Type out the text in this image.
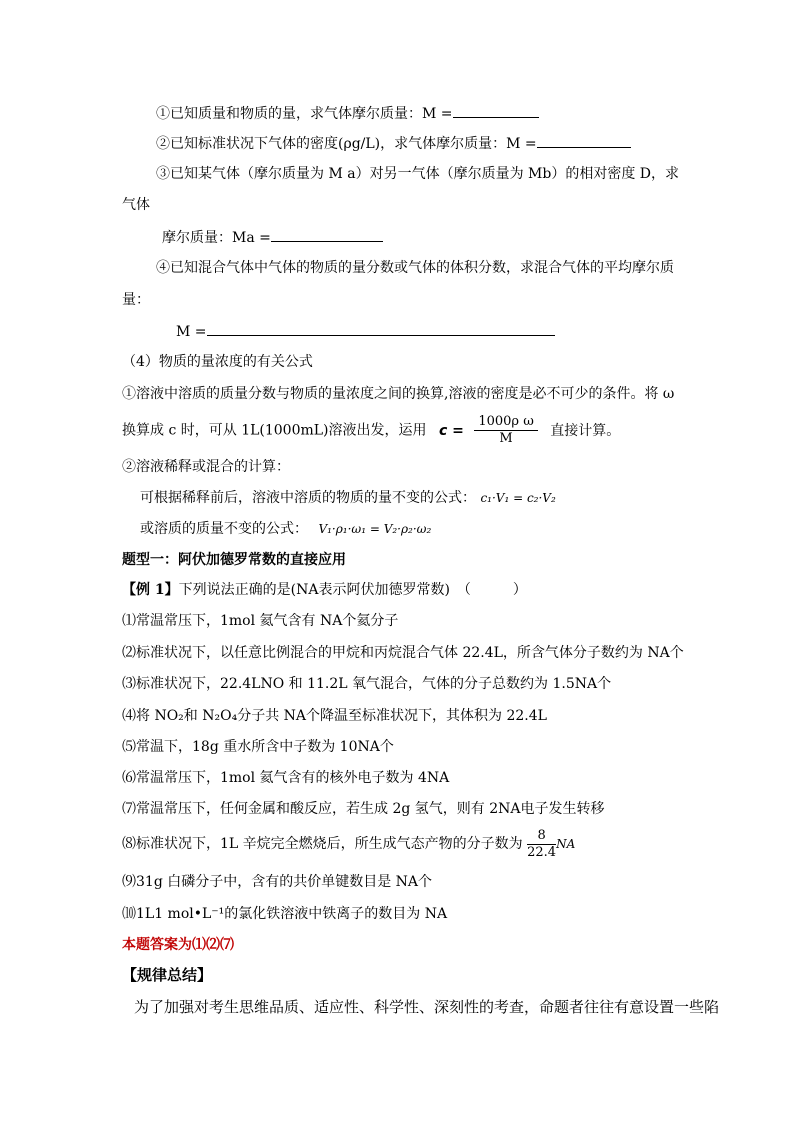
①已知质量和物质的量，求气体摩尔质量：M =
②已知标准状况下气体的密度(ρg/L)，求气体摩尔质量：M =
③已知某气体（摩尔质量为 M a）对另一气体（摩尔质量为 Mb）的相对密度 D，求
气体
摩尔质量：Ma =
④已知混合气体中气体的物质的量分数或气体的体积分数，求混合气体的平均摩尔质
量：
M =
（4）物质的量浓度的有关公式
①溶液中溶质的质量分数与物质的量浓度之间的换算,溶液的密度是必不可少的条件。将 ω
换算成 c 时，可从 1L(1000mL)溶液出发，运用 $c = \frac{\text{1000ρ ω}}{M}$ 直接计算。
②溶液稀释或混合的计算：
可根据稀释前后，溶液中溶质的物质的量不变的公式： c₁·V₁ = c₂·V₂
或溶质的质量不变的公式： V₁·ρ₁·ω₁ = V₂·ρ₂·ω₂
题型一：阿伏加德罗常数的直接应用
【例 1】下列说法正确的是(NA表示阿伏加德罗常数)　（　　　）
⑴常温常压下，1mol 氦气含有 NA个氦分子
⑵标准状况下，以任意比例混合的甲烷和丙烷混合气体 22.4L，所含气体分子数约为 NA个
⑶标准状况下，22.4LNO 和 11.2L 氧气混合，气体的分子总数约为 1.5NA个
⑷将 NO₂和 N₂O₄分子共 NA个降温至标准状况下，其体积为 22.4L
⑸常温下，18g 重水所含中子数为 10NA个
⑹常温常压下，1mol 氦气含有的核外电子数为 4NA
⑺常温常压下，任何金属和酸反应，若生成 2g 氢气，则有 2NA电子发生转移
⑻标准状况下，1L 辛烷完全燃烧后，所生成气态产物的分子数为 $\frac{8}{22.4}$ NA
⑼31g 白磷分子中，含有的共价单键数目是 NA个
⑽1L1 mol•L⁻¹的氯化铁溶液中铁离子的数目为 NA
本题答案为⑴⑵⑺
【规律总结】
为了加强对考生思维品质、适应性、科学性、深刻性的考查，命题者往往有意设置一些陷
